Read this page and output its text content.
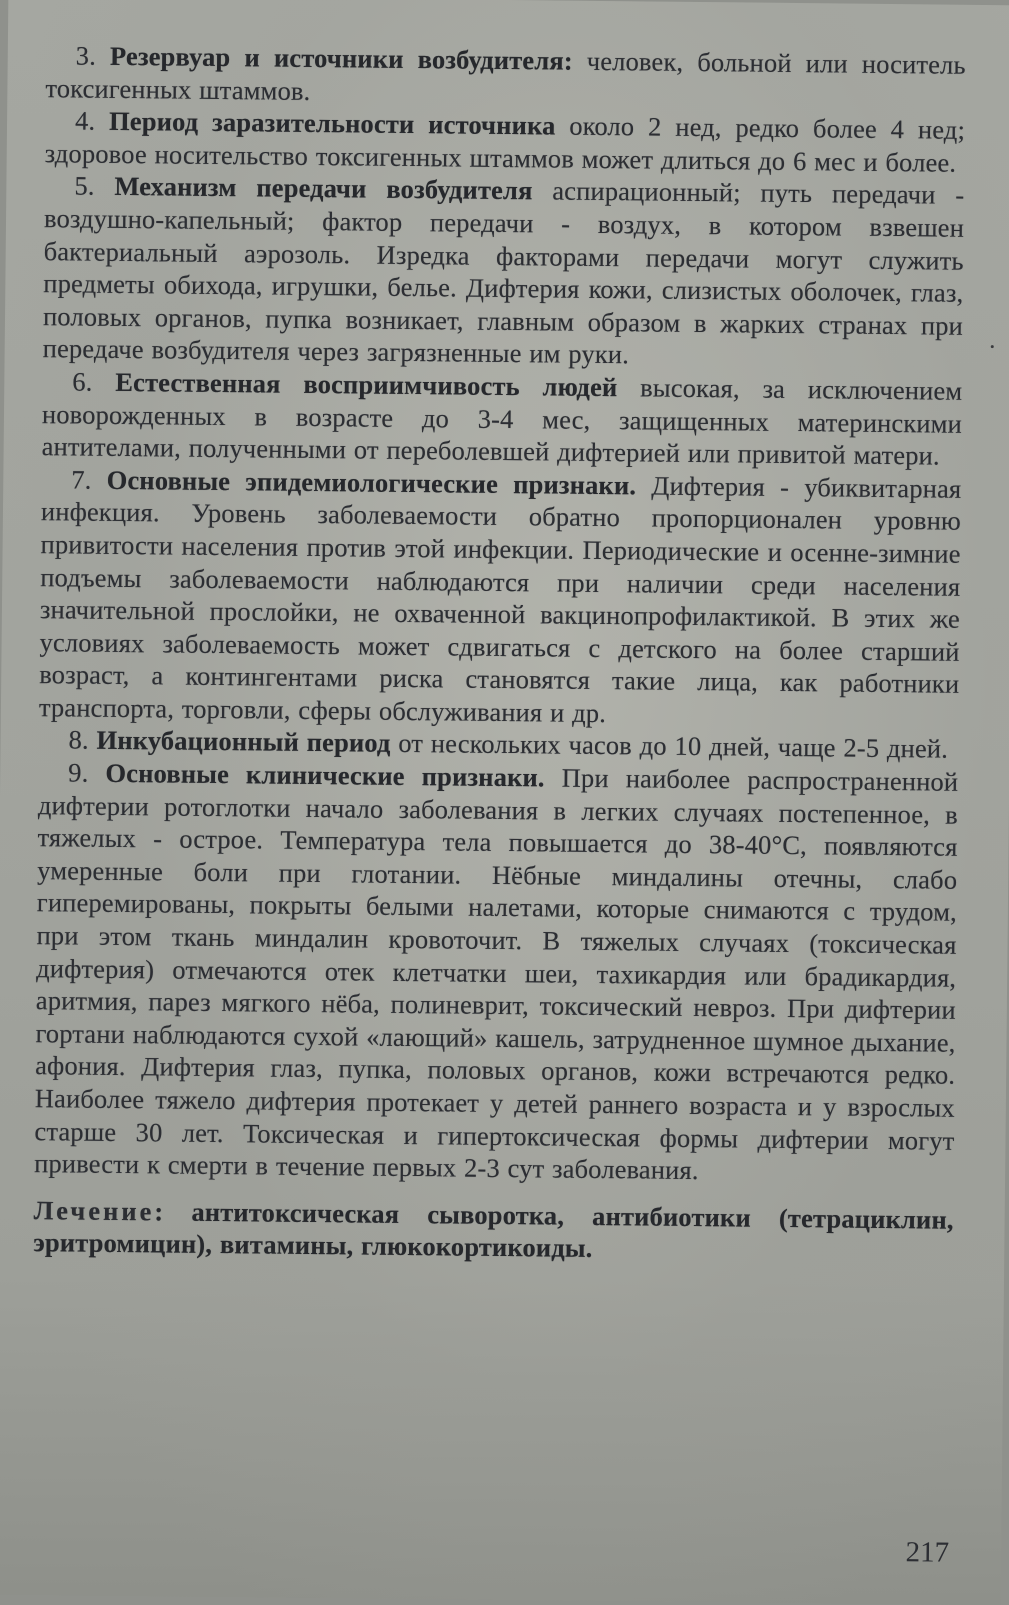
3. Резервуар и источники возбудителя: человек, больной или носитель токсигенных штаммов.

4. Период заразительности источника около 2 нед, редко более 4 нед; здоровое носительство токсигенных штаммов может длиться до 6 мес и более.

5. Механизм передачи возбудителя аспирационный; путь передачи - воздушно-капельный; фактор передачи - воздух, в котором взвешен бактериальный аэрозоль. Изредка факторами передачи могут служить предметы обихода, игрушки, белье. Дифтерия кожи, слизистых оболочек, глаз, половых органов, пупка возникает, главным образом в жарких странах при передаче возбудителя через загрязненные им руки.

6. Естественная восприимчивость людей высокая, за исключением новорожденных в возрасте до 3-4 мес, защищенных материнскими антителами, полученными от переболевшей дифтерией или привитой матери.

7. Основные эпидемиологические признаки. Дифтерия - убиквитарная инфекция. Уровень заболеваемости обратно пропорционален уровню привитости населения против этой инфекции. Периодические и осенне-зимние подъемы заболеваемости наблюдаются при наличии среди населения значительной прослойки, не охваченной вакцинопрофилактикой. В этих же условиях заболеваемость может сдвигаться с детского на более старший возраст, а контингентами риска становятся такие лица, как работники транспорта, торговли, сферы обслуживания и др.

8. Инкубационный период от нескольких часов до 10 дней, чаще 2-5 дней.

9. Основные клинические признаки. При наиболее распространенной дифтерии ротоглотки начало заболевания в легких случаях постепенное, в тяжелых - острое. Температура тела повышается до 38-40°С, появляются умеренные боли при глотании. Нёбные миндалины отечны, слабо гиперемированы, покрыты белыми налетами, которые снимаются с трудом, при этом ткань миндалин кровоточит. В тяжелых случаях (токсическая дифтерия) отмечаются отек клетчатки шеи, тахикардия или брадикардия, аритмия, парез мягкого нёба, полиневрит, токсический невроз. При дифтерии гортани наблюдаются сухой «лающий» кашель, затрудненное шумное дыхание, афония. Дифтерия глаз, пупка, половых органов, кожи встречаются редко. Наиболее тяжело дифтерия протекает у детей раннего возраста и у взрослых старше 30 лет. Токсическая и гипертоксическая формы дифтерии могут привести к смерти в течение первых 2-3 сут заболевания.

Лечение: антитоксическая сыворотка, антибиотики (тетрациклин, эритромицин), витамины, глюкокортикоиды.

217
